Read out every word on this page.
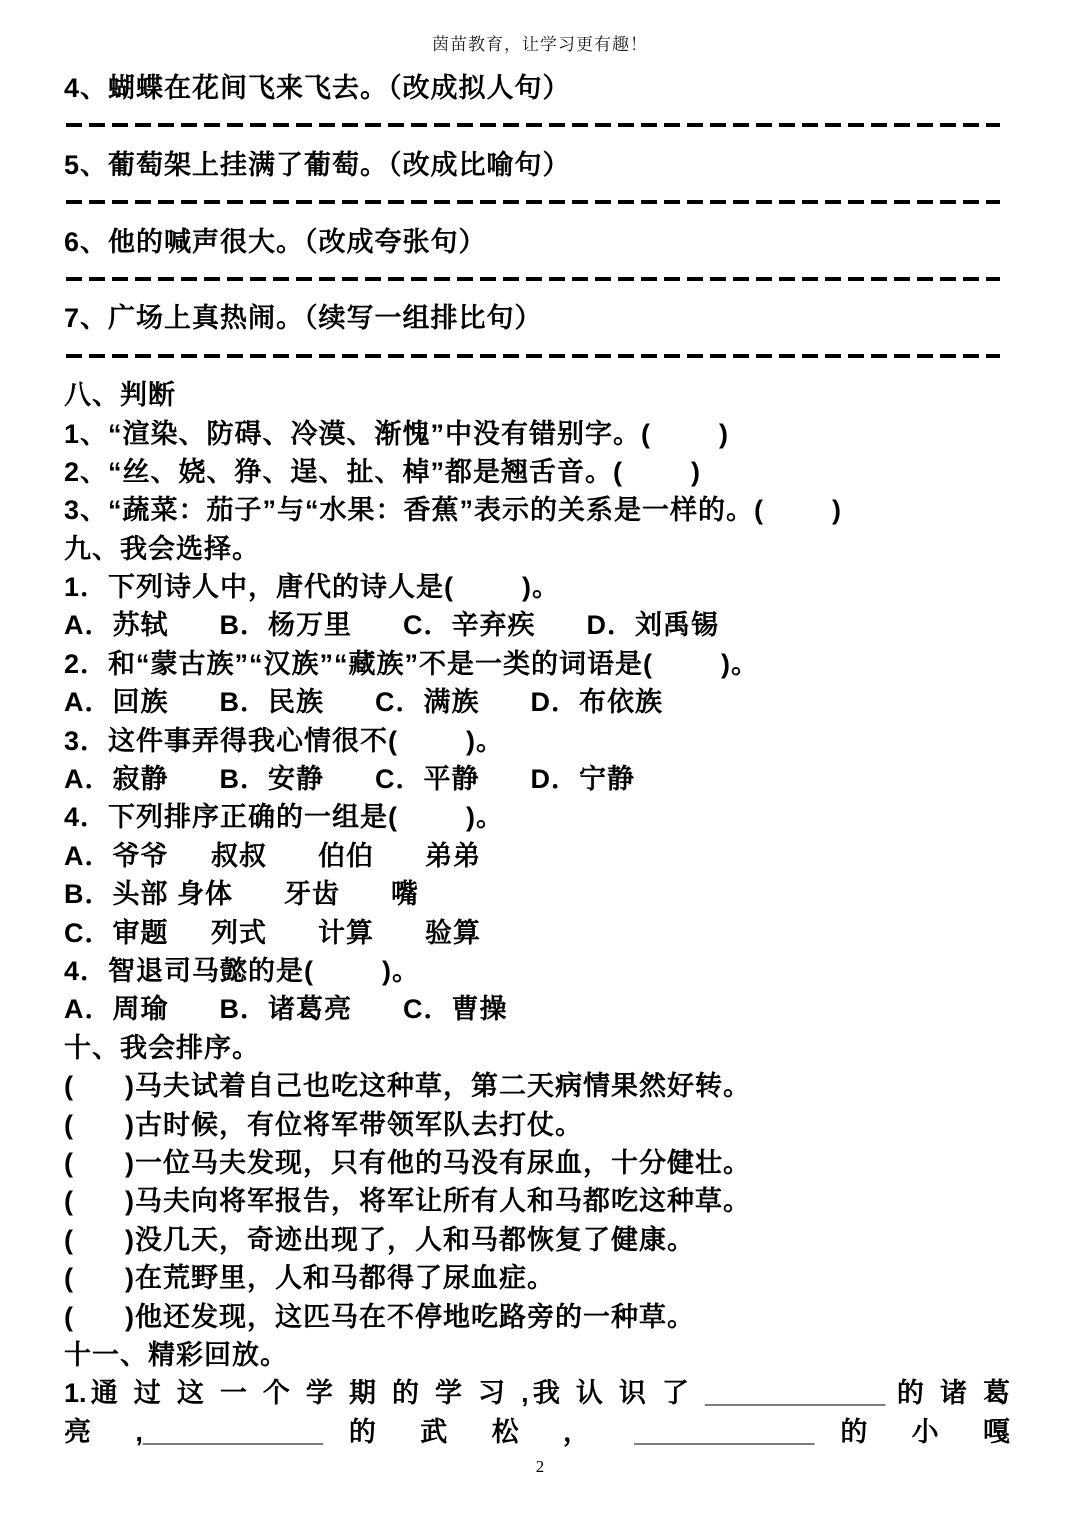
茵苗教育，让学习更有趣！
4、蝴蝶在花间飞来飞去。（改成拟人句）
5、葡萄架上挂满了葡萄。（改成比喻句）
6、他的喊声很大。（改成夸张句）
7、广场上真热闹。（续写一组排比句）
八、判断
1、“渲染、防碍、冷漠、渐愧”中没有错别字。(        )
2、“丝、娆、狰、逞、扯、棹”都是翘舌音。(        )
3、“蔬菜：茄子”与“水果：香蕉”表示的关系是一样的。(        )
九、我会选择。
1．下列诗人中，唐代的诗人是(        )。
A．苏轼      B．杨万里      C．辛弃疾      D．刘禹锡
2．和“蒙古族”“汉族”“藏族”不是一类的词语是(        )。
A．回族      B．民族      C．满族      D．布依族
3．这件事弄得我心情很不(        )。
A．寂静      B．安静      C．平静      D．宁静
4．下列排序正确的一组是(        )。
A．爷爷     叔叔      伯伯      弟弟
B．头部 身体      牙齿      嘴
C．审题     列式      计算      验算
4．智退司马懿的是(        )。
A．周瑜      B．诸葛亮      C．曹操
十、我会排序。
(      )马夫试着自己也吃这种草，第二天病情果然好转。
(      )古时候，有位将军带领军队去打仗。
(      )一位马夫发现，只有他的马没有尿血，十分健壮。
(      )马夫向将军报告，将军让所有人和马都吃这种草。
(      )没几天，奇迹出现了，人和马都恢复了健康。
(      )在荒野里，人和马都得了尿血症。
(      )他还发现，这匹马在不停地吃路旁的一种草。
十一、精彩回放。
1.通 过 这 一 个 学 期 的 学 习 ,我 认 识 了 ____________ 的 诸 葛
亮 ,____________ 的 武 松 ， ____________ 的 小 嘎
2
